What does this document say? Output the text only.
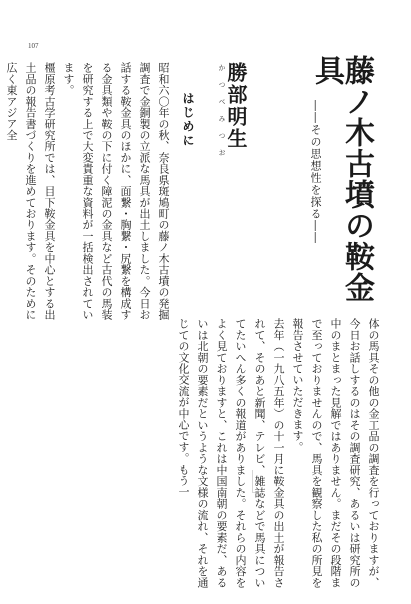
107
藤ノ木古墳の鞍金具
――その思想性を探る――
かつべみつお
勝部明生
はじめに
昭和六〇年の秋、奈良県斑鳩町の藤ノ木古墳の発掘調査で金銅製の立派な馬具が出土しました。今日お話する鞍金具のほかに、面繋・胸繋・尻繋を構成する金具類や鞍の下に付く障泥の金具など古代の馬装を研究する上で大変貴重な資料が一括検出されています。
橿原考古学研究所では、目下鞍金具を中心とする出土品の報告書づくりを進めております。そのために広く東アジア全
体の馬具その他の金工品の調査を行っておりますが、今日お話しするのはその調査研究、あるいは研究所の中のまとまった見解ではありません。まだその段階まで至っておりませんので、馬具を観察した私の所見を報告させていただきます。
去年（一九八五年）の十一月に鞍金具の出土が報告されて、そのあと新聞、テレビ、雑誌などで馬具についてたいへん多くの報道がありました。それらの内容をよく見ておりますと、これは中国南朝の要素だ、あるいは北朝の要素だというような文様の流れ、それを通じての文化交流が中心です。もう一
